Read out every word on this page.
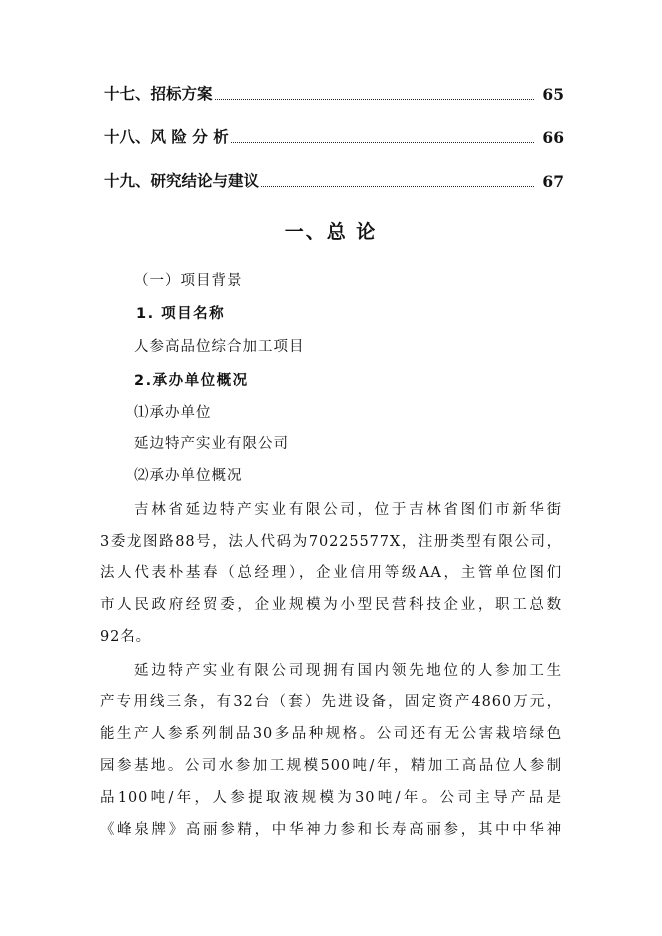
十七、招标方案	65
十八、风 险 分 析	66
十九、研究结论与建议	67
一、总 论
（一）项目背景
1. 项目名称
人参高品位综合加工项目
2.承办单位概况
⑴承办单位
延边特产实业有限公司
⑵承办单位概况
吉林省延边特产实业有限公司，位于吉林省图们市新华街
3委龙图路88号，法人代码为70225577X，注册类型有限公司，
法人代表朴基春（总经理），企业信用等级AA，主管单位图们
市人民政府经贸委，企业规模为小型民营科技企业，职工总数
92名。
延边特产实业有限公司现拥有国内领先地位的人参加工生
产专用线三条，有32台（套）先进设备，固定资产4860万元，
能生产人参系列制品30多品种规格。公司还有无公害栽培绿色
园参基地。公司水参加工规模500吨/年，精加工高品位人参制
品100吨/年，人参提取液规模为30吨/年。公司主导产品是
《峰泉牌》高丽参精，中华神力参和长寿高丽参，其中中华神
